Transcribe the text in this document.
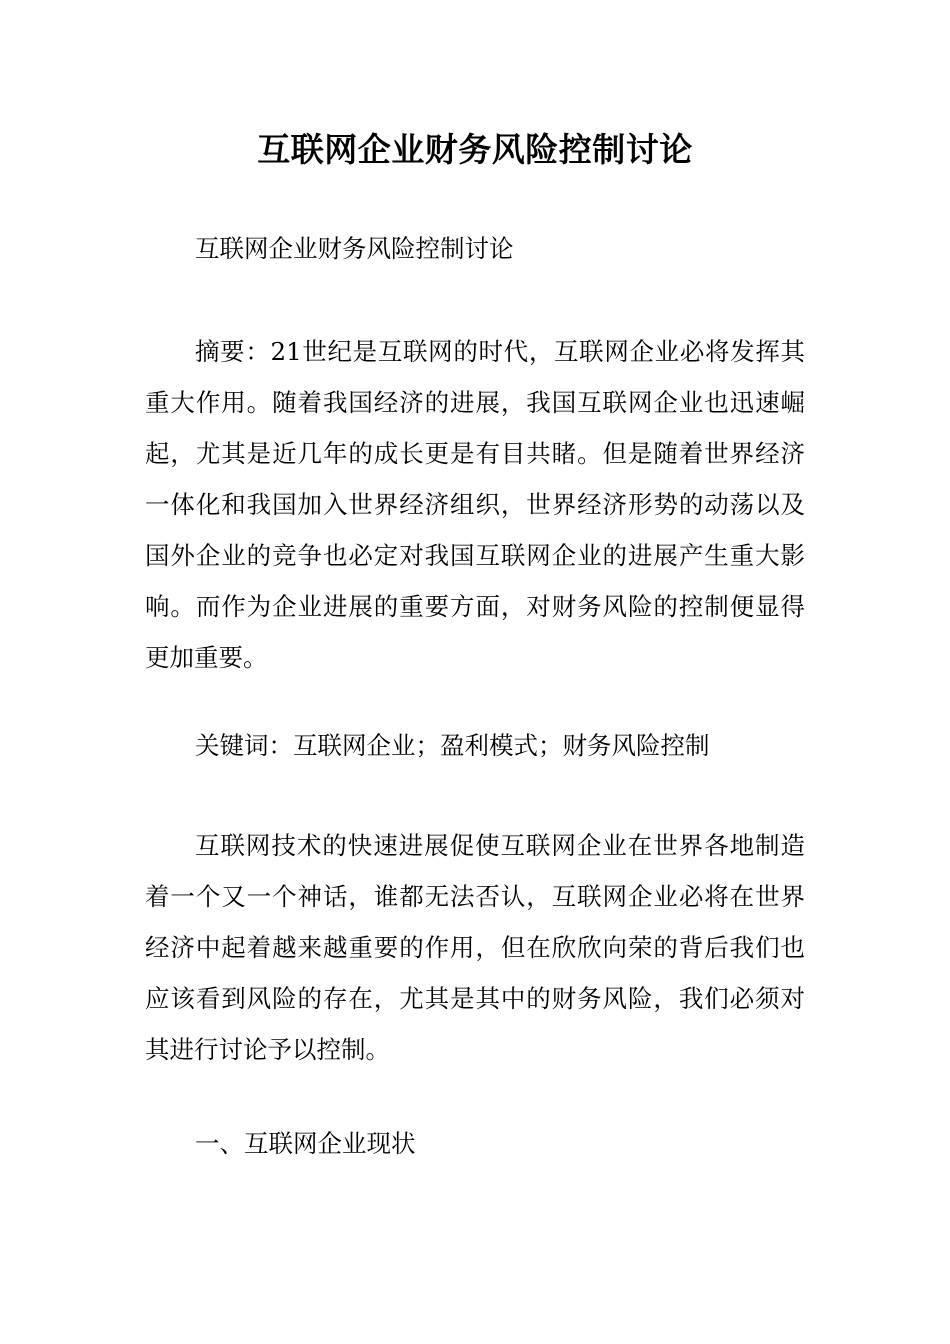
互联网企业财务风险控制讨论

互联网企业财务风险控制讨论

摘要：21世纪是互联网的时代，互联网企业必将发挥其重大作用。随着我国经济的进展，我国互联网企业也迅速崛起，尤其是近几年的成长更是有目共睹。但是随着世界经济一体化和我国加入世界经济组织，世界经济形势的动荡以及国外企业的竞争也必定对我国互联网企业的进展产生重大影响。而作为企业进展的重要方面，对财务风险的控制便显得更加重要。

关键词：互联网企业；盈利模式；财务风险控制

互联网技术的快速进展促使互联网企业在世界各地制造着一个又一个神话，谁都无法否认，互联网企业必将在世界经济中起着越来越重要的作用，但在欣欣向荣的背后我们也应该看到风险的存在，尤其是其中的财务风险，我们必须对其进行讨论予以控制。

一、互联网企业现状
